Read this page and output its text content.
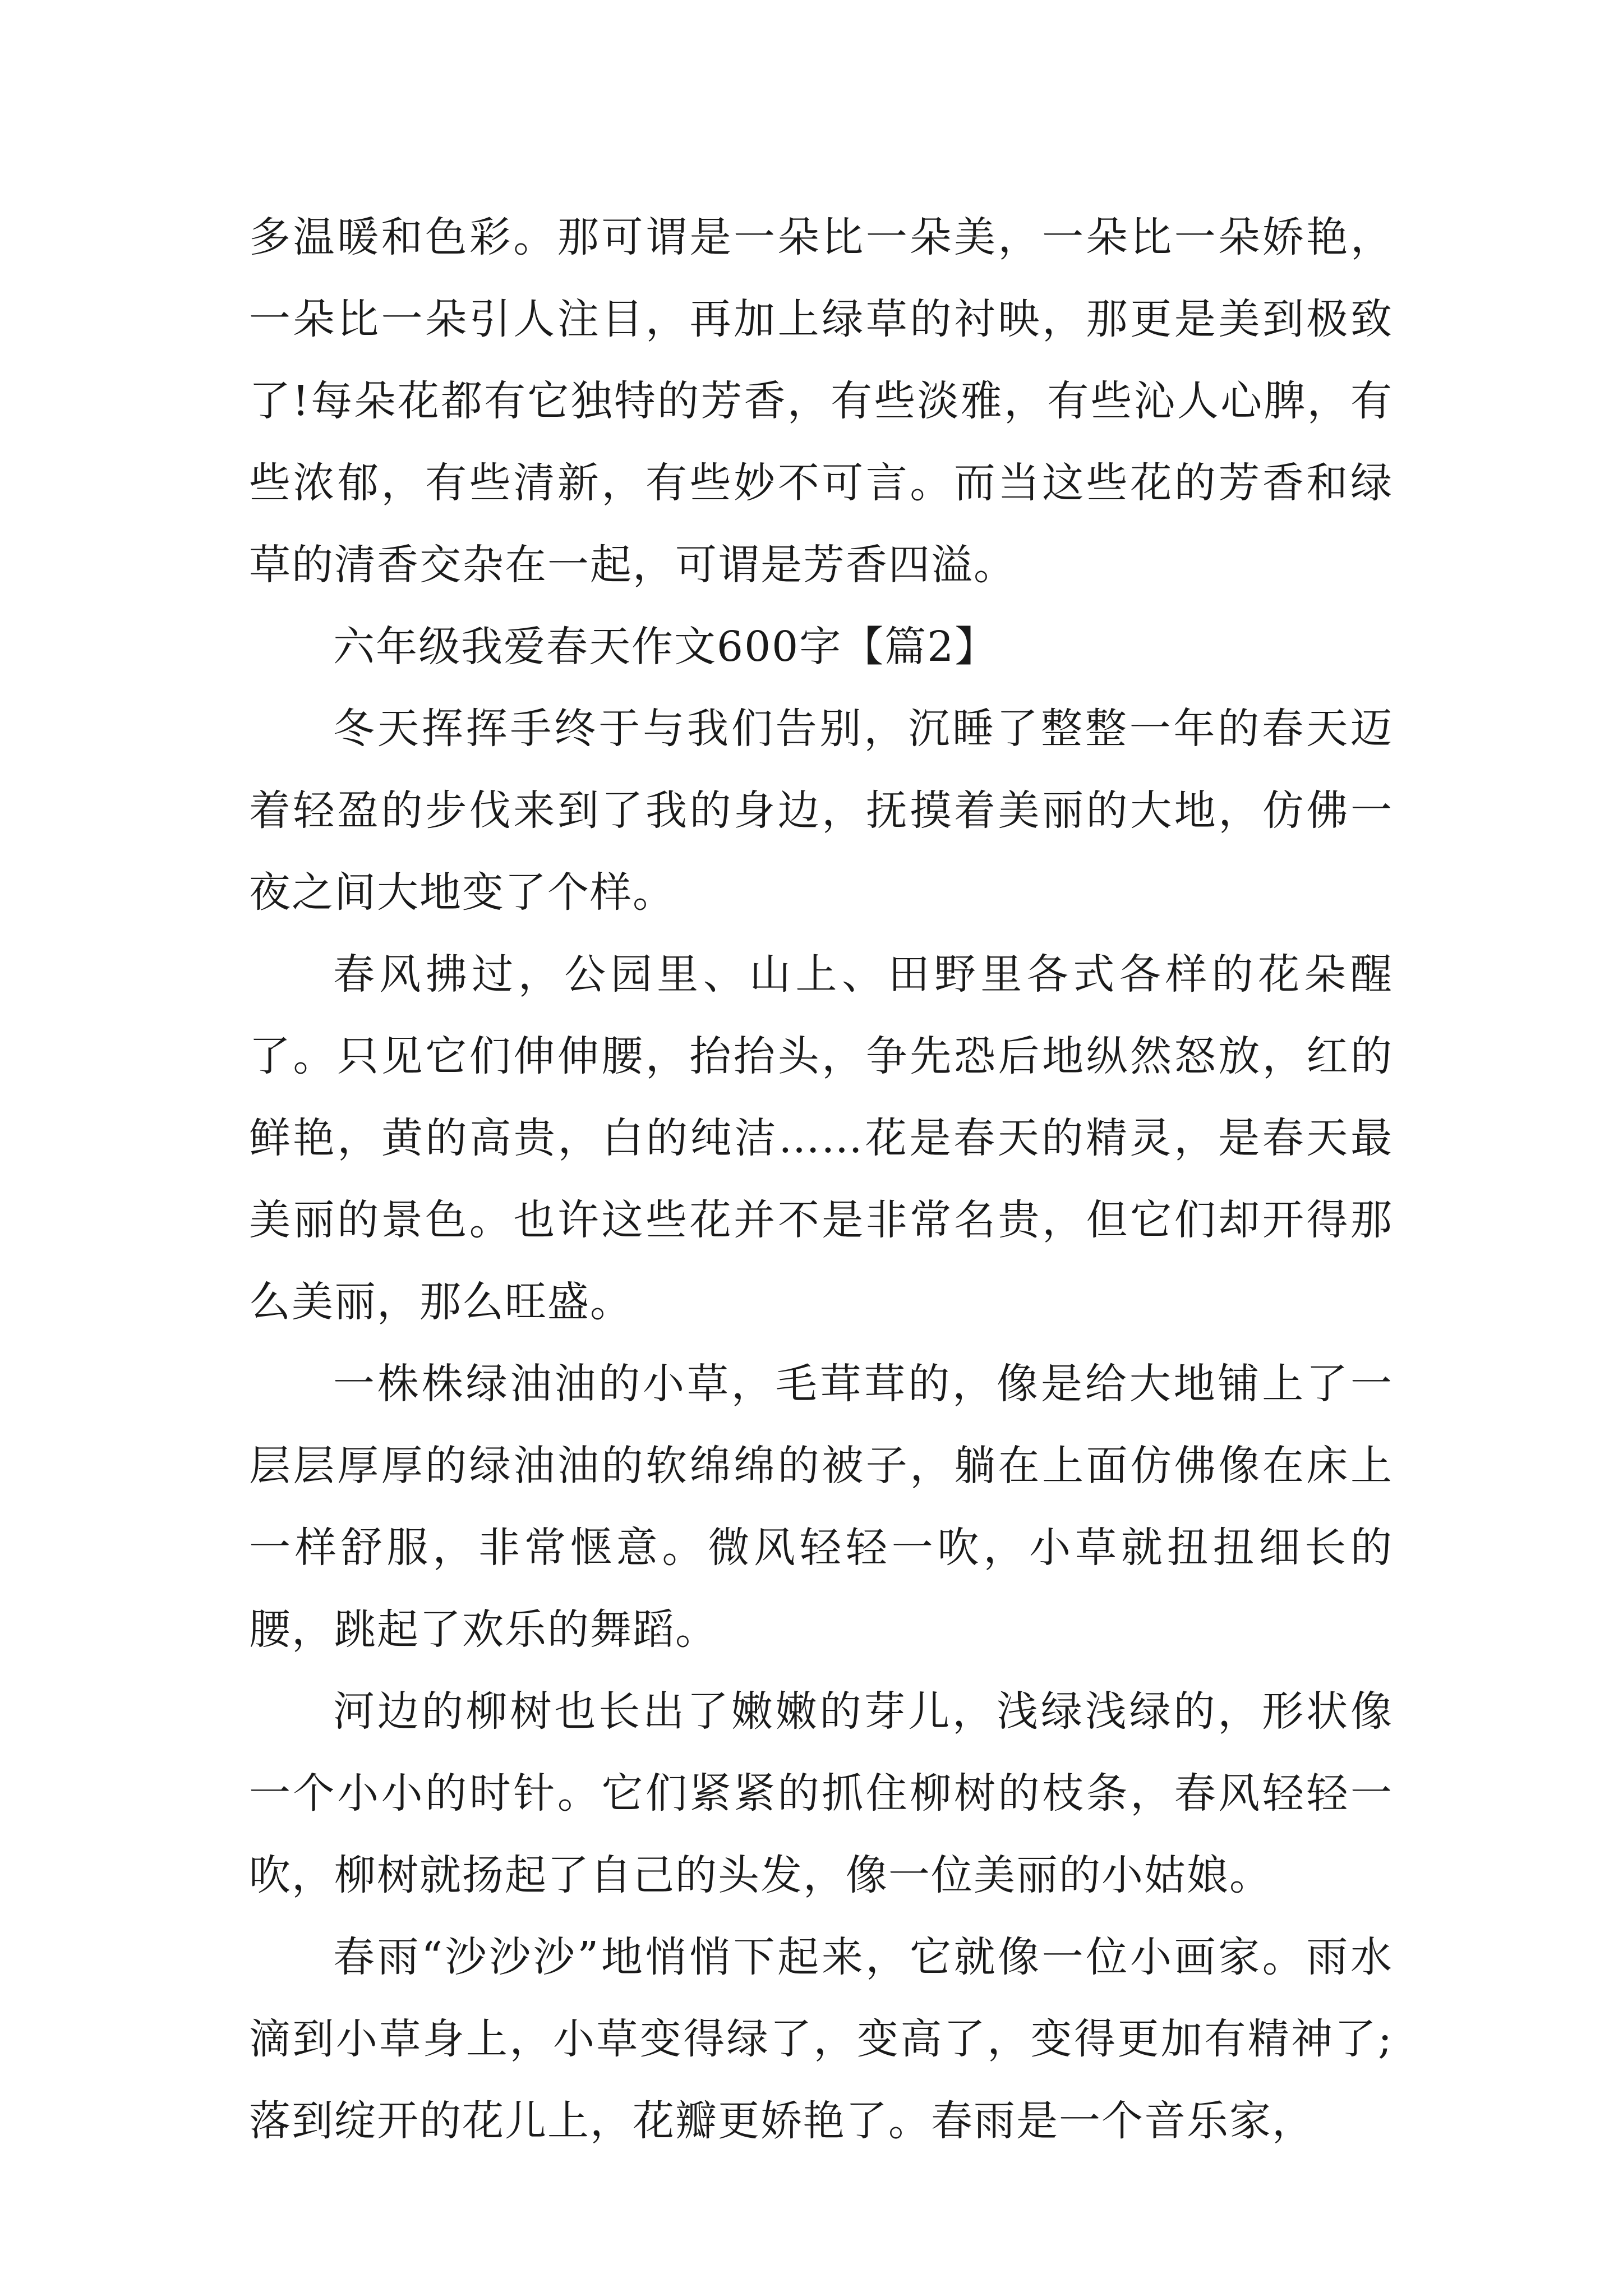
多温暖和色彩。那可谓是一朵比一朵美，一朵比一朵娇艳，一朵比一朵引人注目，再加上绿草的衬映，那更是美到极致了!每朵花都有它独特的芳香，有些淡雅，有些沁人心脾，有些浓郁，有些清新，有些妙不可言。而当这些花的芳香和绿草的清香交杂在一起，可谓是芳香四溢。

六年级我爱春天作文600字【篇2】

冬天挥挥手终于与我们告别，沉睡了整整一年的春天迈着轻盈的步伐来到了我的身边，抚摸着美丽的大地，仿佛一夜之间大地变了个样。

春风拂过，公园里、山上、田野里各式各样的花朵醒了。只见它们伸伸腰，抬抬头，争先恐后地纵然怒放，红的鲜艳，黄的高贵，白的纯洁……花是春天的精灵，是春天最美丽的景色。也许这些花并不是非常名贵，但它们却开得那么美丽，那么旺盛。

一株株绿油油的小草，毛茸茸的，像是给大地铺上了一层层厚厚的绿油油的软绵绵的被子，躺在上面仿佛像在床上一样舒服，非常惬意。微风轻轻一吹，小草就扭扭细长的腰，跳起了欢乐的舞蹈。

河边的柳树也长出了嫩嫩的芽儿，浅绿浅绿的，形状像一个小小的时针。它们紧紧的抓住柳树的枝条，春风轻轻一吹，柳树就扬起了自己的头发，像一位美丽的小姑娘。

春雨“沙沙沙”地悄悄下起来，它就像一位小画家。雨水滴到小草身上，小草变得绿了，变高了，变得更加有精神了;落到绽开的花儿上，花瓣更娇艳了。春雨是一个音乐家，
